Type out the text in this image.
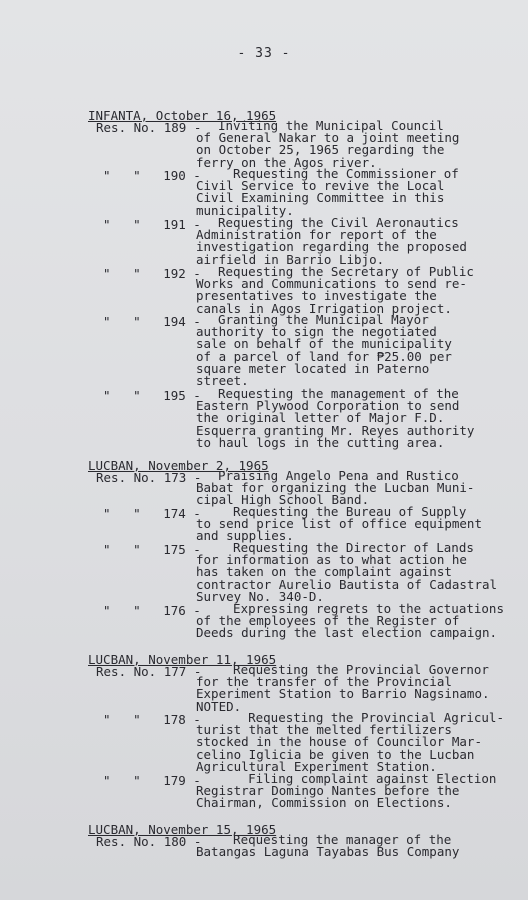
- 33 -
INFANTA, October 16, 1965
Res. No. 189 - Inviting the Municipal Council
of General Nakar to a joint meeting
on October 25, 1965 regarding the
ferry on the Agos river.
"   "   190 - Requesting the Commissioner of
Civil Service to revive the Local
Civil Examining Committee in this
municipality.
"   "   191 - Requesting the Civil Aeronautics
Administration for report of the
investigation regarding the proposed
airfield in Barrio Libjo.
"   "   192 - Requesting the Secretary of Public
Works and Communications to send re-
presentatives to investigate the
canals in Agos Irrigation project.
"   "   194 - Granting the Municipal Mayor
authority to sign the negotiated
sale on behalf of the municipality
of a parcel of land for ₱25.00 per
square meter located in Paterno
street.
"   "   195 - Requesting the management of the
Eastern Plywood Corporation to send
the original letter of Major F.D.
Esquerra granting Mr. Reyes authority
to haul logs in the cutting area.
LUCBAN, November 2, 1965
Res. No. 173 - Praising Angelo Pena and Rustico
Babat for organizing the Lucban Muni-
cipal High School Band.
"   "   174 - Requesting the Bureau of Supply
to send price list of office equipment
and supplies.
"   "   175 - Requesting the Director of Lands
for information as to what action he
has taken on the complaint against
contractor Aurelio Bautista of Cadastral
Survey No. 340-D.
"   "   176 - Expressing regrets to the actuations
of the employees of the Register of
Deeds during the last election campaign.
LUCBAN, November 11, 1965
Res. No. 177 - Requesting the Provincial Governor
for the transfer of the Provincial
Experiment Station to Barrio Nagsinamo.
NOTED.
"   "   178 - Requesting the Provincial Agricul-
turist that the melted fertilizers
stocked in the house of Councilor Mar-
celino Iglicia be given to the Lucban
Agricultural Experiment Station.
"   "   179 - Filing complaint against Election
Registrar Domingo Nantes before the
Chairman, Commission on Elections.
LUCBAN, November 15, 1965
Res. No. 180 - Requesting the manager of the
Batangas Laguna Tayabas Bus Company
